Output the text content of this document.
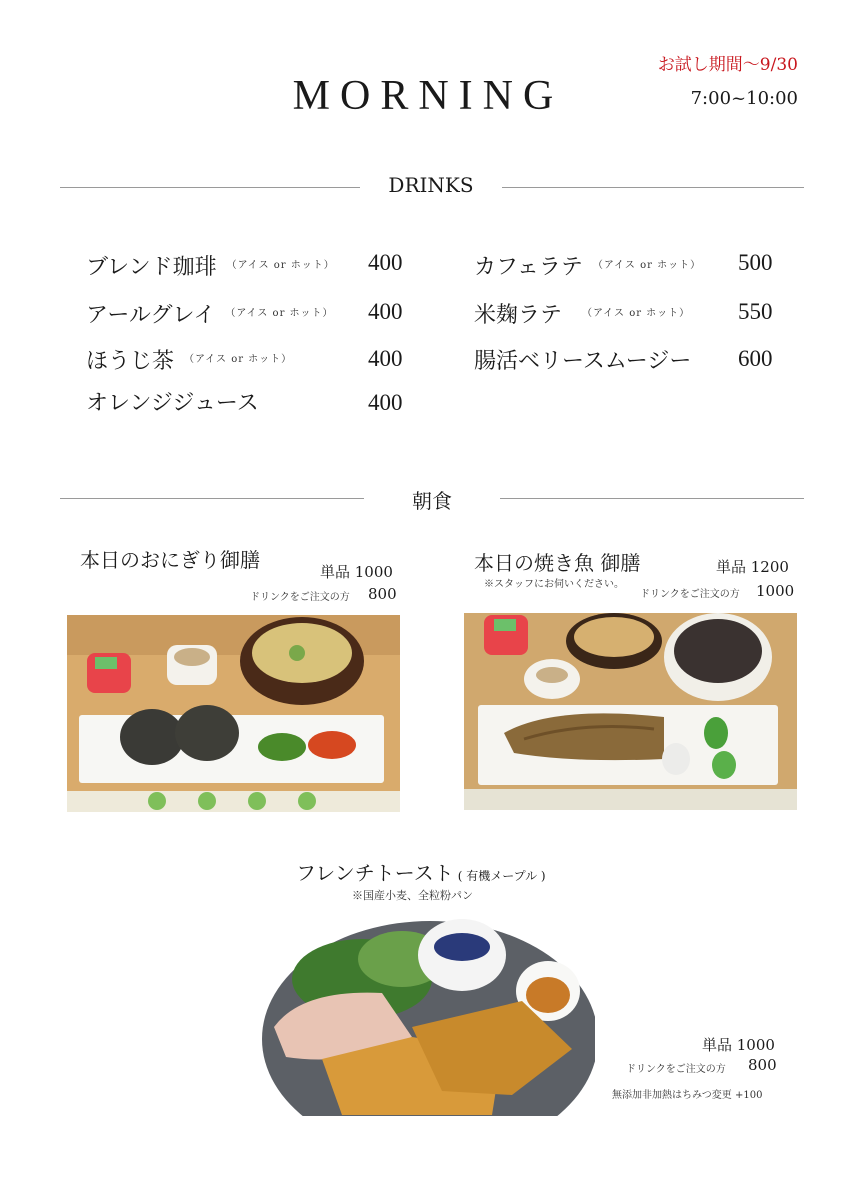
MORNING
お試し期間〜9/30
7:00~10:00
DRINKS
ブレンド珈琲 $^{(アイス or ホット)}$ 400
アールグレイ $^{(アイス or ホット)}$ 400
ほうじ茶 $^{(アイス or ホット)}$	400
オレンジジュース	400
カフェラテ $^{(アイス or ホット)}$ 500
米麹ラテ $^{(アイス or ホット)}$ 550
腸活ベリースムージー 600
朝食
本日のおにぎり御膳	単品 1000
ドリンクをご注文の方 800
本日の焼き魚 御膳	単品 1200
※スタッフにお伺いください。
ドリンクをご注文の方 1000
フレンチトースト ( 有機メープル )
※国産小麦、全粒粉パン
単品 1000
ドリンクをご注文の方 800
無添加非加熱はちみつ変更 +100
